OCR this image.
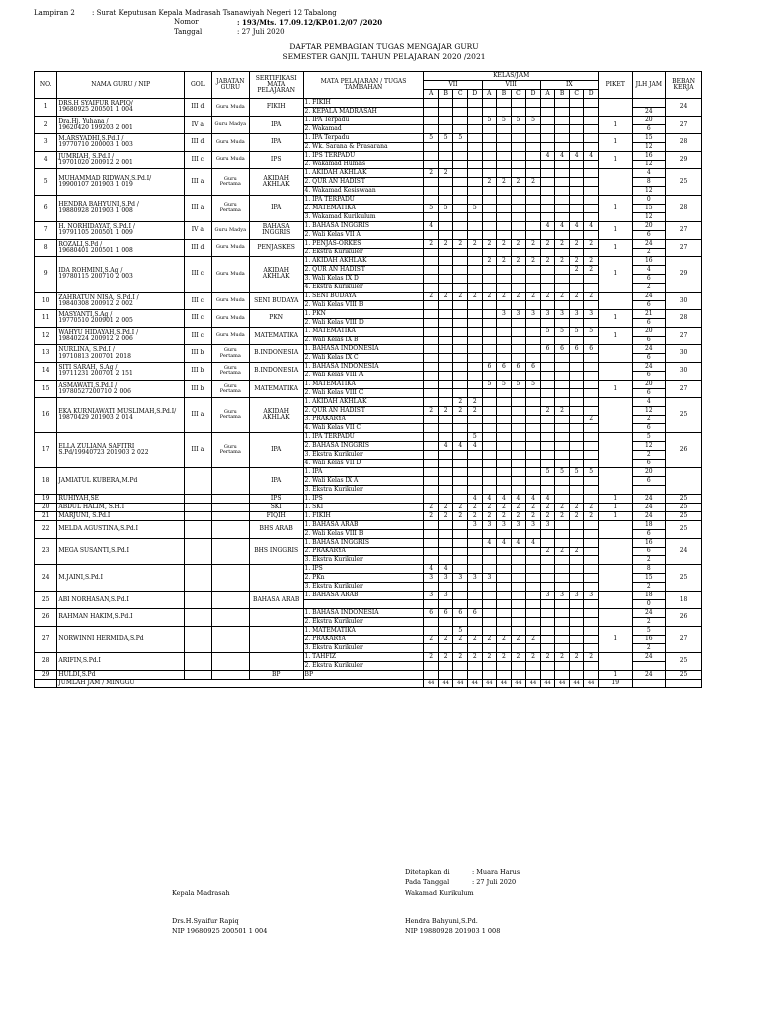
Lampiran 2 : Surat Keputusan Kepala Madrasah Tsanawiyah Negeri 12 Tabalong
Nomor	: 193/Mts. 17.09.12/KP.01.2/07 /2020
Tanggal	: 27 Juli 2020
DAFTAR PEMBAGIAN TUGAS MENGAJAR GURU
SEMESTER GANJIL TAHUN PELAJARAN 2020 /2021
NO.	NAMA GURU / NIP	GOL	JABATAN GURU	SERTIFIKASI MATA PELAJARAN	MATA PELAJARAN / TUGAS TAMBAHAN	KELAS/JAM												PIKET	JLH JAM	BEBAN KERJA
						VII				VIII				IX						
						A	B	C	D	A	B	C	D	A	B	C	D			
1	DRS.H SYAIFUR RAPIQ/
19680925 200501 1 004	III d	Guru Muda	FIKIH	1. FIKIH															24
					2. KEPALA MADRASAH														24	
2	Dra.Hj. Yuhana /
19620420 199203 2 001	IV a	Guru Madya	IPA	1. IPA Terpadu					5	5	5	5					1	20	27
					2. Wakamad														6	
3	M.ARSYADHI,S.Pd.I /
19770710 200003 1 003	III d	Guru Muda	IPA	1. IPA Terpadu	5	5	5										1	15	28
					2. Wk. Sarana & Prasarana														12	
4	JUMRIAH, S.Pd.I /
19701020 200912 2 001	III c	Guru Muda	IPS	1. IPS TERPADU									4	4	4	4	1	16	29
					2. Wakamad Humas														12	
5	MUHAMMAD RIDWAN,S.Pd.I/
19900107 201903 1 019	III a	Guru Pertama	AKIDAH AKHLAK	1. AKIDAH AKHLAK	2	2												4	25
					2. QUR AN HADIST					2	2	2	2						8	
					4. Wakamad Kesiswaan														12	
6	HENDRA BAHYUNI,S.Pd /
19880928 201903 1 008	III a	Guru Pertama	IPA	1. IPA TERPADU													1	0	28
					2. MATEMATIKA	5	5		5										15	
					3. Wakamad Kurikulum														12	
7	H. NORHIDAYAT, S.Pd.I /
19791105 200501 1 009	IV a	Guru Madya	BAHASA INGGRIS	1. BAHASA INGGRIS	4								4	4	4	4	1	20	27
					2. Wali Kelas VII A														6	
8	ROZALI,S.Pd /
19680401 200501 1 008	III d	Guru Muda	PENJASKES	1. PENJAS-ORKES	2	2	2	2	2	2	2	2	2	2	2	2	1	24	27
					2. Ekstra Kurikuler														2	
9	IDA ROHMINI,S.Ag /
19780115 200710 2 003	III c	Guru Muda	AKIDAH AKHLAK	1. AKIDAH AKHLAK					2	2	2	2	2	2	2	2	1	16	29
					2. QUR AN HADIST											2	2		4	
					3. Wali Kelas IX D														6	
					4. Ekstra Kurikuler														2	
10	ZAHRATUN NISA, S.Pd.I /
19840308 200912 2 002	III c	Guru Muda	SENI BUDAYA	1. SENI BUDAYA	2	2	2	2	2	2	2	2	2	2	2	2		24	30
					2. Wali Kelas VIII B														6	
11	MASYANTI,S.Ag /
19770510 200901 2 005	III c	Guru Muda	PKN	1. PKN						3	3	3	3	3	3	3	1	21	28
					2. Wali Kelas VIII D														6	
12	WAHYU HIDAYAH,S.Pd.I /
19840224 200912 2 006	III c	Guru Muda	MATEMATIKA	1. MATEMATIKA									5	5	5	5	1	20	27
					2. Wali Kelas IX B														6	
13	NURLINA, S.Pd.I /
19710813 200701 2018	III b	Guru Pertama	B.INDONESIA	1. BAHASA INDONESIA									6	6	6	6		24	30
					2. Wali Kelas IX C														6	
14	SITI SARAH, S.Ag /
19711231 200701 2 151	III b	Guru Pertama	B.INDONESIA	1. BAHASA INDONESIA					6	6	6	6						24	30
					2. Wali Kelas VIII A														6	
15	ASMAWATI,S.Pd.I /
19780527200710 2 006	III b	Guru Pertama	MATEMATIKA	1. MATEMATIKA					5	5	5	5					1	20	27
					2. Wali Kelas VIII C														6	
16	EKA KURNIAWATI MUSLIMAH,S.Pd.I/
19870429 201903 2 014	III a	Guru Pertama	AKIDAH AKHLAK	1. AKIDAH AKHLAK			2	2										4	25
					2. QUR AN HADIST	2	2	2	2					2	2				12	
					3. PRAKARYA												2		2	
					4. Wali Kelas VII C														6	
17	ELLA ZULIANA SAFITRI
S.Pd/19940723 201903 2 022	III a	Guru Pertama	IPA	1. IPA TERPADU				5										5	26
					2. BAHASA INGGRIS		4	4	4										12	
					3. Ekstra Kurikuler														2	
					4. Wali Kelas VII D														6	
18	JAMIATUL KUBERA,M.Pd			IPA	1. IPA									5	5	5	5		20	
					2. Wali Kelas IX A														6	
					3. Ekstra Kurikuler															
19	RUHIYAH,SE			IPS	1. IPS				4	4	4	4	4	4				1	24	25
20	ABDUL HALIM, S.H.I			SKI	1. SKI	2	2	2	2	2	2	2	2	2	2	2	2	1	24	25
21	MARJUNI, S.Pd.I			FIQIH	1. FIKIH	2	2	2	2	2	2	2	2	2	2	2	2	1	24	25
22	MELDA AGUSTINA,S.Pd.I			BHS ARAB	1. BAHASA ARAB				3	3	3	3	3	3					18	25
					2. Wali Kelas VIII B														6	
23	MEGA SUSANTI,S.Pd.I			BHS INGGRIS	1. BAHASA INGGRIS					4	4	4	4						16	24
					2. PRAKARYA									2	2	2			6	
					3. Ekstra Kurikuler														2	
24	M.JAINI,S.Pd.I				1. IPS	4	4												8	25
					2. PKn	3	3	3	3	3									15	
					3. Ekstra Kurikuler														2	
25	ABI NORHASAN,S.Pd.I			BAHASA ARAB	1. BAHASA ARAB	3	3							3	3	3	3		18	18
																			0	
26	RAHMAN HAKIM,S.Pd.I				1. BAHASA INDONESIA	6	6	6	6										24	26
					2. Ekstra Kurikuler														2	
27	NORWINNI HERMIDA,S.Pd				1. MATEMATIKA			5										1	5	27
					2. PRAKARYA	2	2	2	2	2	2	2	2						16	
					3. Ekstra Kurikuler														2	
28	ARIFIN,S.Pd.I				1. TAHFIZ	2	2	2	2	2	2	2	2	2	2	2	2		24	25
					2. Ekstra Kurikuler															
29	HULDI,S.Pd			BP	BP													1	24	25
	JUMLAH JAM / MINGGU					44	44	44	44	44	44	44	44	44	44	44	44	19		
Ditetapkan di	: Muara Harus
Pada Tanggal	: 27 Juli 2020
Kepala Madrasah	Wakamad Kurikulum
Drs.H.Syaifur Rapiq
NIP 19680925 200501 1 004
Hendra Bahyuni,S.Pd.
NIP 19880928 201903 1 008
